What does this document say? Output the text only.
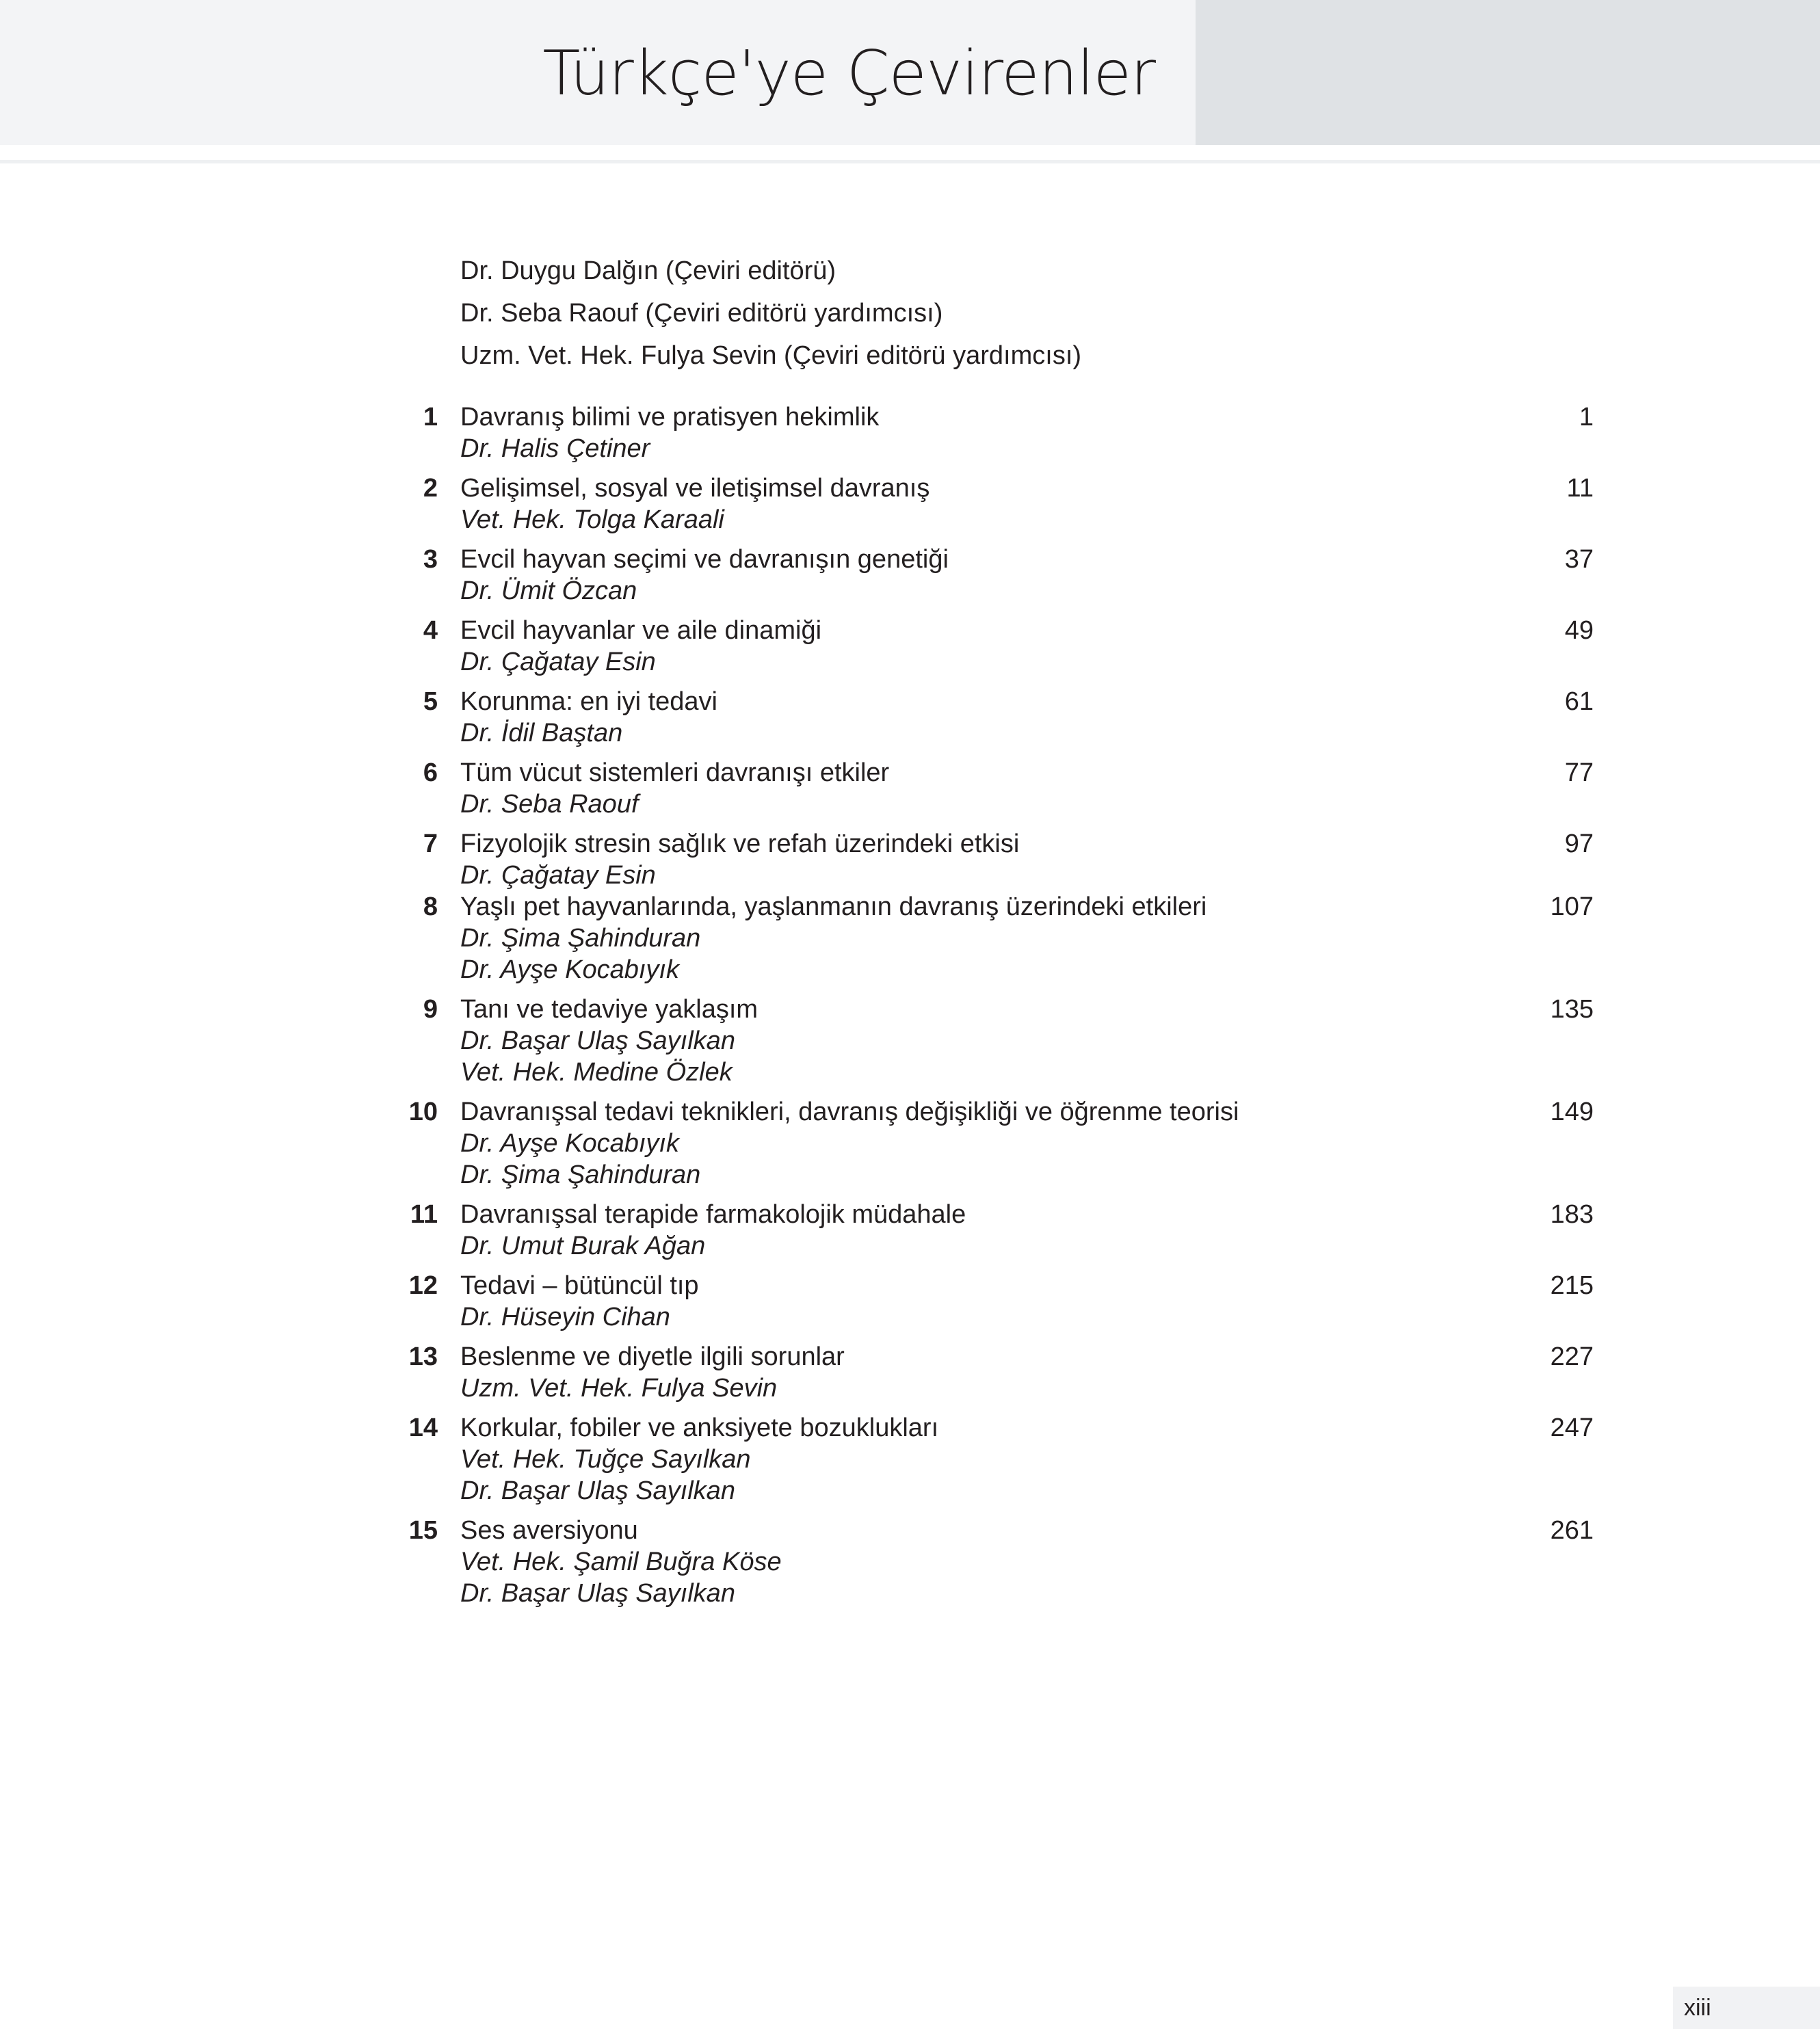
Türkçe'ye Çevirenler
Dr. Duygu Dalğın (Çeviri editörü)
Dr. Seba Raouf (Çeviri editörü yardımcısı)
Uzm. Vet. Hek. Fulya Sevin (Çeviri editörü yardımcısı)
1 Davranış bilimi ve pratisyen hekimlik	1
Dr. Halis Çetiner
2 Gelişimsel, sosyal ve iletişimsel davranış	11
Vet. Hek. Tolga Karaali
3 Evcil hayvan seçimi ve davranışın genetiği	37
Dr. Ümit Özcan
4 Evcil hayvanlar ve aile dinamiği	49
Dr. Çağatay Esin
5 Korunma: en iyi tedavi	61
Dr. İdil Baştan
6 Tüm vücut sistemleri davranışı etkiler	77
Dr. Seba Raouf
7 Fizyolojik stresin sağlık ve refah üzerindeki etkisi	97
Dr. Çağatay Esin
8 Yaşlı pet hayvanlarında, yaşlanmanın davranış üzerindeki etkileri	107
Dr. Şima Şahinduran
Dr. Ayşe Kocabıyık
9 Tanı ve tedaviye yaklaşım	135
Dr. Başar Ulaş Sayılkan
Vet. Hek. Medine Özlek
10 Davranışsal tedavi teknikleri, davranış değişikliği ve öğrenme teorisi	149
Dr. Ayşe Kocabıyık
Dr. Şima Şahinduran
11 Davranışsal terapide farmakolojik müdahale	183
Dr. Umut Burak Ağan
12 Tedavi – bütüncül tıp	215
Dr. Hüseyin Cihan
13 Beslenme ve diyetle ilgili sorunlar	227
Uzm. Vet. Hek. Fulya Sevin
14 Korkular, fobiler ve anksiyete bozuklukları	247
Vet. Hek. Tuğçe Sayılkan
Dr. Başar Ulaş Sayılkan
15 Ses aversiyonu	261
Vet. Hek. Şamil Buğra Köse
Dr. Başar Ulaş Sayılkan
xiii
